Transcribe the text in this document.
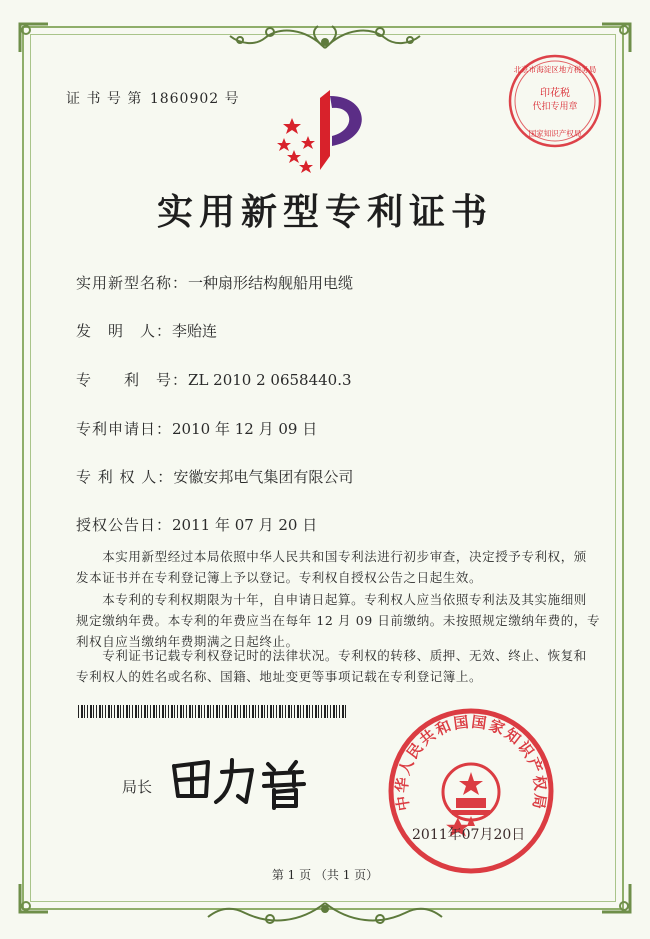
证 书 号 第 1860902 号	印花税
代扣专用章
北京市海淀区地方税务局
国家知识产权局
实用新型专利证书
实用新型名称：一种扇形结构舰船用电缆
发　明　人：李贻连
专　　利　号：ZL 2010 2 0658440.3
专利申请日：2010 年 12 月 09 日
专 利 权 人：安徽安邦电气集团有限公司
授权公告日：2011 年 07 月 20 日
　　本实用新型经过本局依照中华人民共和国专利法进行初步审查，决定授予专利权，颁
发本证书并在专利登记簿上予以登记。专利权自授权公告之日起生效。
　　本专利的专利权期限为十年，自申请日起算。专利权人应当依照专利法及其实施细则
规定缴纳年费。本专利的年费应当在每年 12 月 09 日前缴纳。未按照规定缴纳年费的，专
利权自应当缴纳年费期满之日起终止。
　　专利证书记载专利权登记时的法律状况。专利权的转移、质押、无效、终止、恢复和
专利权人的姓名或名称、国籍、地址变更等事项记载在专利登记簿上。
局长
中华人民共和国国家知识产权局
2011年07月20日
第 1 页 （共 1 页）
